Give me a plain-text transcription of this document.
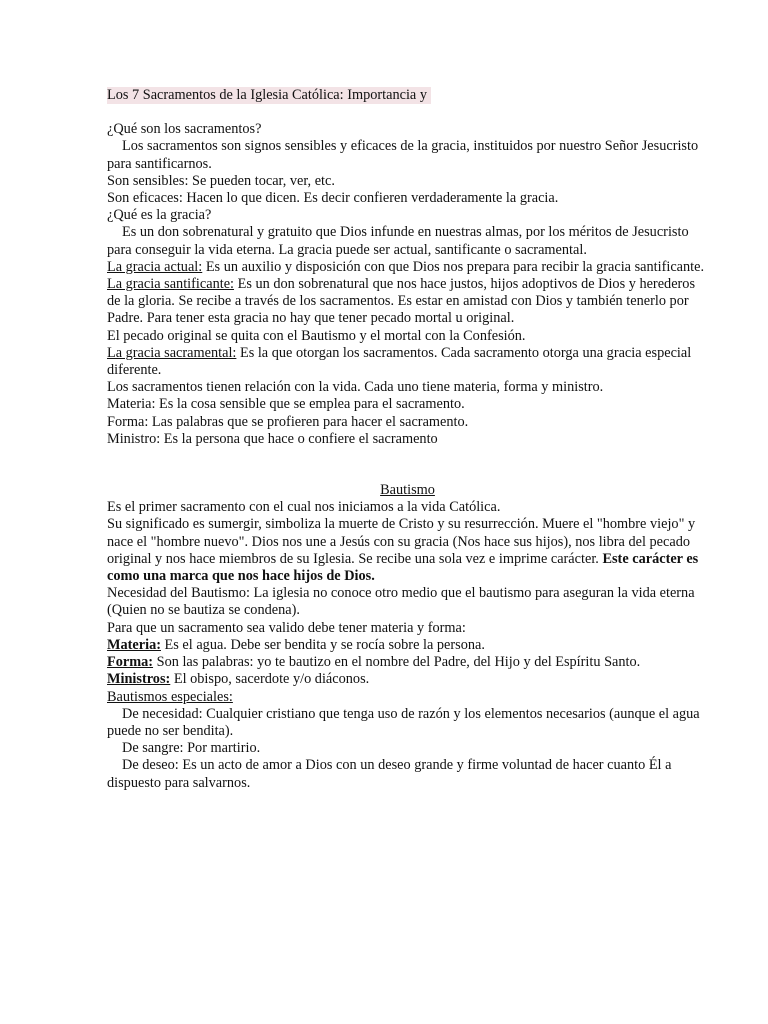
Los 7 Sacramentos de la Iglesia Católica: Importancia y
¿Qué son los sacramentos?
Los sacramentos son signos sensibles y eficaces de la gracia, instituidos por nuestro Señor Jesucristo para santificarnos.
Son sensibles: Se pueden tocar, ver, etc.
Son eficaces: Hacen lo que dicen. Es decir confieren verdaderamente la gracia.
¿Qué es la gracia?
Es un don sobrenatural y gratuito que Dios infunde en nuestras almas, por los méritos de Jesucristo para conseguir la vida eterna. La gracia puede ser actual, santificante o sacramental.
La gracia actual: Es un auxilio y disposición con que Dios nos prepara para recibir la gracia santificante.
La gracia santificante: Es un don sobrenatural que nos hace justos, hijos adoptivos de Dios y herederos de la gloria. Se recibe a través de los sacramentos. Es estar en amistad con Dios y también tenerlo por Padre. Para tener esta gracia no hay que tener pecado mortal u original.
El pecado original se quita con el Bautismo y el mortal con la Confesión.
La gracia sacramental: Es la que otorgan los sacramentos. Cada sacramento otorga una gracia especial diferente.
Los sacramentos tienen relación con la vida. Cada uno tiene materia, forma y ministro.
Materia: Es la cosa sensible que se emplea para el sacramento.
Forma: Las palabras que se profieren para hacer el sacramento.
Ministro: Es la persona que hace o confiere el sacramento
Bautismo
Es el primer sacramento con el cual nos iniciamos a la vida Católica.
Su significado es sumergir, simboliza la muerte de Cristo y su resurrección. Muere el "hombre viejo" y nace el "hombre nuevo". Dios nos une a Jesús con su gracia (Nos hace sus hijos), nos libra del pecado original y nos hace miembros de su Iglesia. Se recibe una sola vez e imprime carácter. Este carácter es como una marca que nos hace hijos de Dios.
Necesidad del Bautismo: La iglesia no conoce otro medio que el bautismo para aseguran la vida eterna (Quien no se bautiza se condena).
Para que un sacramento sea valido debe tener materia y forma:
Materia: Es el agua. Debe ser bendita y se rocía sobre la persona.
Forma: Son las palabras: yo te bautizo en el nombre del Padre, del Hijo y del Espíritu Santo.
Ministros: El obispo, sacerdote y/o diáconos.
Bautismos especiales:
De necesidad: Cualquier cristiano que tenga uso de razón y los elementos necesarios (aunque el agua puede no ser bendita).
De sangre: Por martirio.
De deseo: Es un acto de amor a Dios con un deseo grande y firme voluntad de hacer cuanto Él a dispuesto para salvarnos.
